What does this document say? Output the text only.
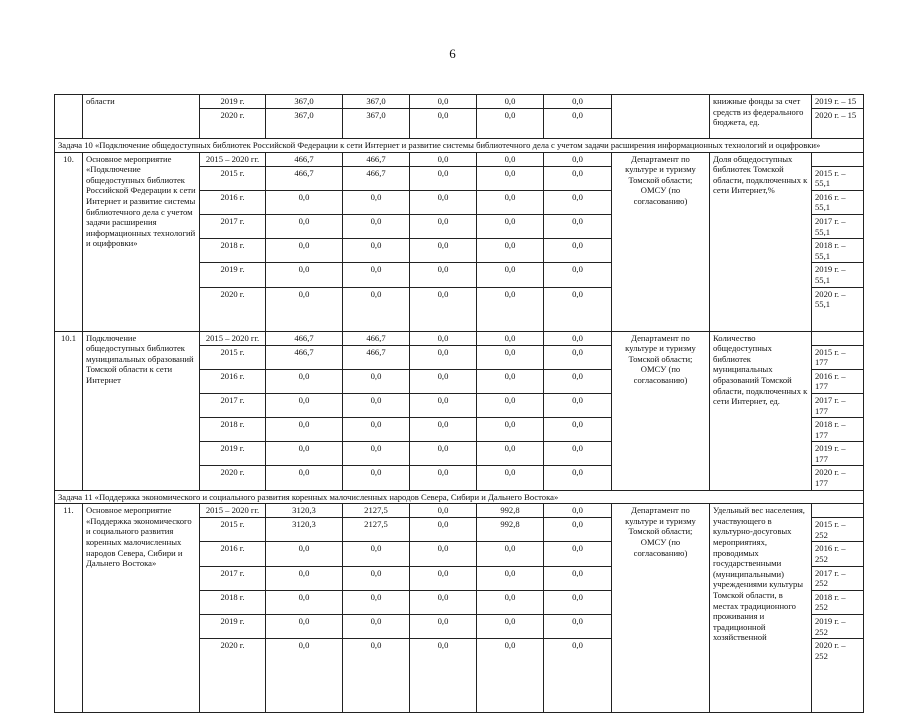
6
	области	2019 г.	367,0	367,0	0,0	0,0	0,0		книжные фонды за счет средств из федерального бюджета, ед.	2019 г. – 15
		2020 г.	367,0	367,0	0,0	0,0	0,0			2020 г. – 15
Задача 10 «Подключение общедоступных библиотек Российской Федерации к сети Интернет и развитие системы библиотечного дела с учетом задачи расширения информационных технологий и оцифровки»										
10.	Основное мероприятие «Подключение общедоступных библиотек Российской Федерации к сети Интернет и развитие системы библиотечного дела с учетом задачи расширения информационных технологий и оцифровки»	2015 – 2020 гг.	466,7	466,7	0,0	0,0	0,0	Департамент по культуре и туризму Томской области; ОМСУ (по согласованию)	Доля общедоступных библиотек Томской области, подключенных к сети Интернет,%	
		2015 г.	466,7	466,7	0,0	0,0	0,0			2015 г. – 55,1
		2016 г.	0,0	0,0	0,0	0,0	0,0			2016 г. – 55,1
		2017 г.	0,0	0,0	0,0	0,0	0,0			2017 г. – 55,1
		2018 г.	0,0	0,0	0,0	0,0	0,0			2018 г. – 55,1
		2019 г.	0,0	0,0	0,0	0,0	0,0			2019 г. – 55,1
		2020 г.	0,0	0,0	0,0	0,0	0,0			2020 г. – 55,1
10.1	Подключение общедоступных библиотек муниципальных образований Томской области к сети Интернет	2015 – 2020 гг.	466,7	466,7	0,0	0,0	0,0	Департамент по культуре и туризму Томской области; ОМСУ (по согласованию)	Количество общедоступных библиотек муниципальных образований Томской области, подключенных к сети Интернет, ед.	
		2015 г.	466,7	466,7	0,0	0,0	0,0			2015 г. – 177
		2016 г.	0,0	0,0	0,0	0,0	0,0			2016 г. – 177
		2017 г.	0,0	0,0	0,0	0,0	0,0			2017 г. – 177
		2018 г.	0,0	0,0	0,0	0,0	0,0			2018 г. – 177
		2019 г.	0,0	0,0	0,0	0,0	0,0			2019 г. – 177
		2020 г.	0,0	0,0	0,0	0,0	0,0			2020 г. – 177
Задача 11 «Поддержка экономического и социального развития коренных малочисленных народов Севера, Сибири и Дальнего Востока»										
11.	Основное мероприятие «Поддержка экономического и социального развития коренных малочисленных народов Севера, Сибири и Дальнего Востока»	2015 – 2020 гг.	3120,3	2127,5	0,0	992,8	0,0	Департамент по культуре и туризму Томской области; ОМСУ (по согласованию)	Удельный вес населения, участвующего в культурно-досуговых мероприятиях, проводимых государственными (муниципальными) учреждениями культуры Томской области, в местах традиционного проживания и традиционной хозяйственной	
		2015 г.	3120,3	2127,5	0,0	992,8	0,0			2015 г. – 252
		2016 г.	0,0	0,0	0,0	0,0	0,0			2016 г. – 252
		2017 г.	0,0	0,0	0,0	0,0	0,0			2017 г. – 252
		2018 г.	0,0	0,0	0,0	0,0	0,0			2018 г. – 252
		2019 г.	0,0	0,0	0,0	0,0	0,0			2019 г. – 252
		2020 г.	0,0	0,0	0,0	0,0	0,0			2020 г. – 252
